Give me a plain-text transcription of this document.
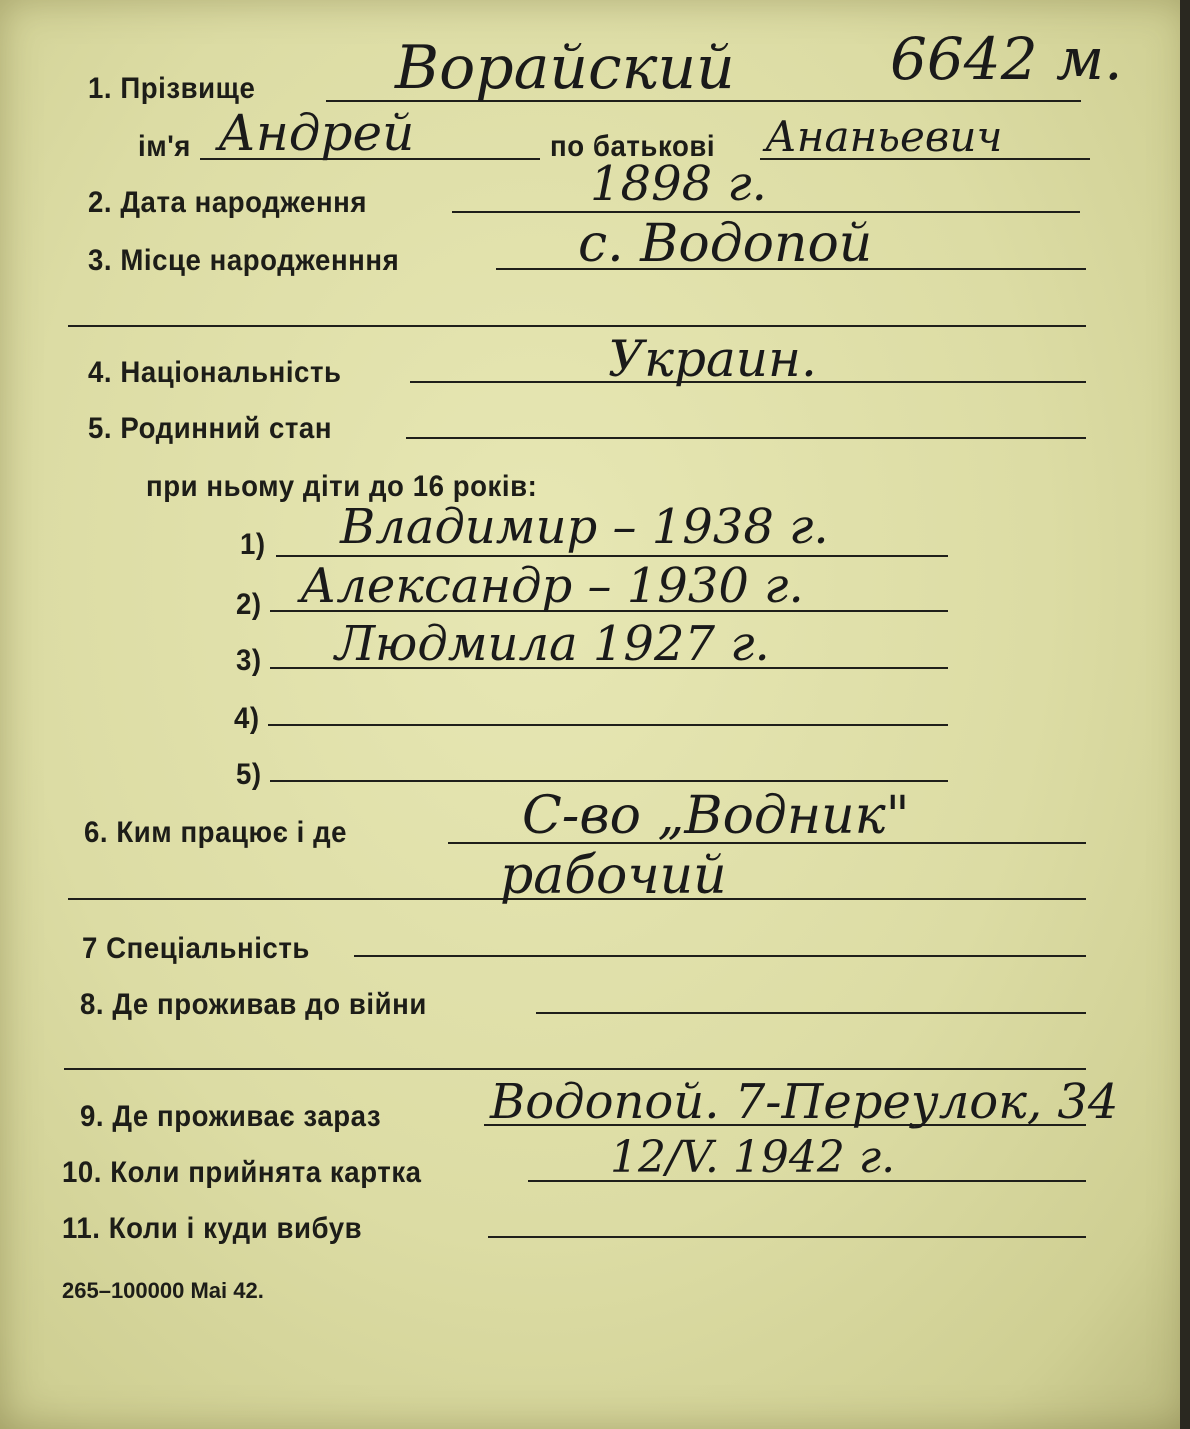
1. Прізвище Ворайский	6642 м.
ім'я Андрей	по батькові Ананьевич
2. Дата народження	1898 г.
3. Місце народженння	с. Водопой
4. Національність	Украин.
5. Родинний стан
при ньому діти до 16 років:
1) Владимир – 1938 г.
2) Александр – 1930 г.
3) Людмила 1927 г.
4)
5)
6. Ким працює і де	С-во „Водник"
рабочий
7 Спеціальність
8. Де проживав до війни
9. Де проживає зараз Водопой. 7-Переулок, 34
10. Коли прийнята картка	12/V. 1942 г.
11. Коли і куди вибув
265–100000 Mai 42.
